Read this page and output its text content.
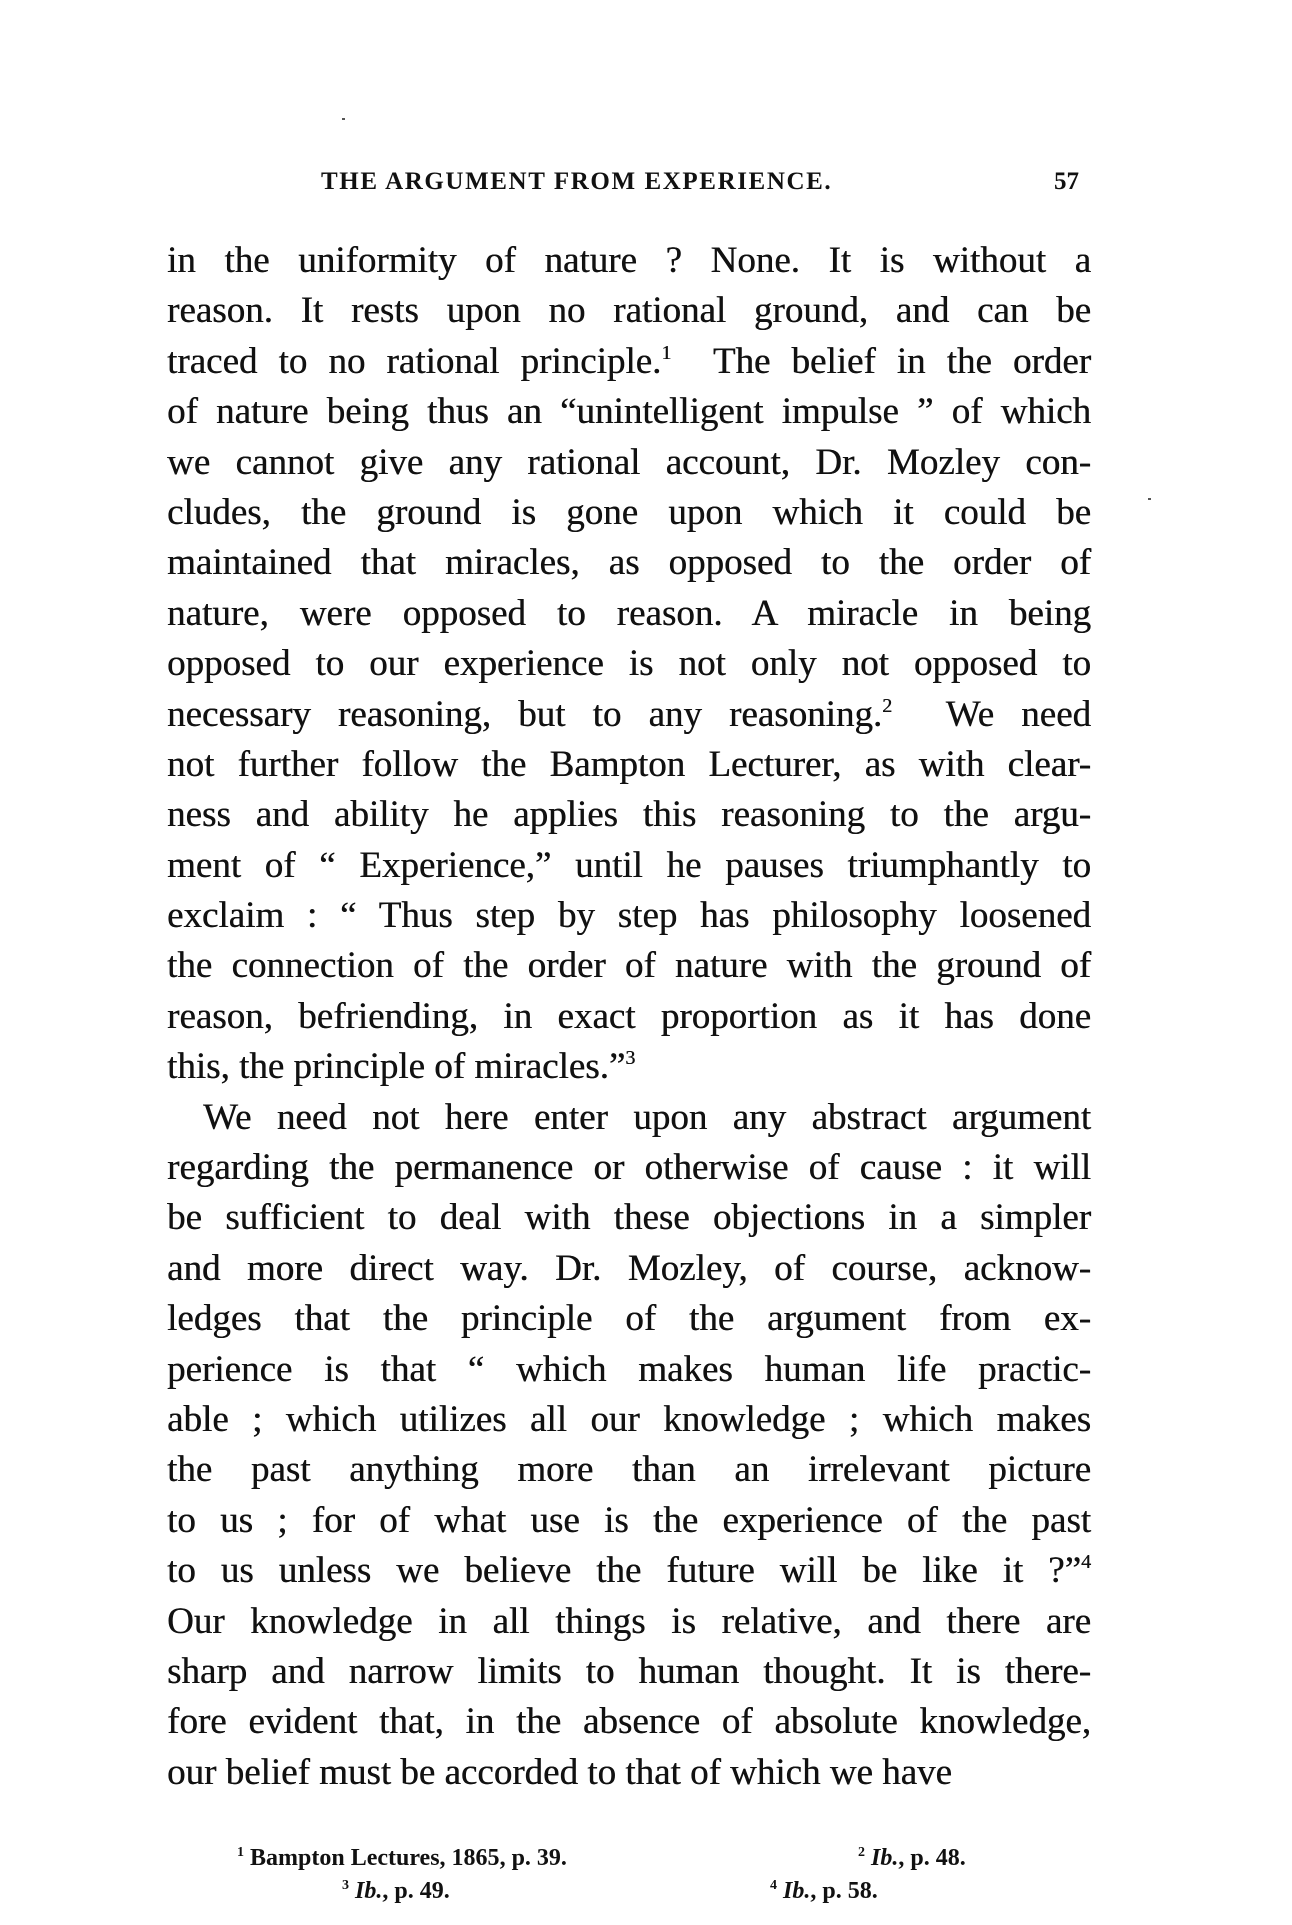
THE ARGUMENT FROM EXPERIENCE.	57
in the uniformity of nature ? None. It is without a
reason. It rests upon no rational ground, and can be
traced to no rational principle.$^1$  The belief in the order
of nature being thus an “unintelligent impulse ” of which
we cannot give any rational account, Dr. Mozley con-
cludes, the ground is gone upon which it could be
maintained that miracles, as opposed to the order of
nature, were opposed to reason. A miracle in being
opposed to our experience is not only not opposed to
necessary reasoning, but to any reasoning.$^2$  We need
not further follow the Bampton Lecturer, as with clear-
ness and ability he applies this reasoning to the argu-
ment of “ Experience,” until he pauses triumphantly to
exclaim : “ Thus step by step has philosophy loosened
the connection of the order of nature with the ground of
reason, befriending, in exact proportion as it has done
this, the principle of miracles.”$^3$
We need not here enter upon any abstract argument
regarding the permanence or otherwise of cause : it will
be sufficient to deal with these objections in a simpler
and more direct way. Dr. Mozley, of course, acknow-
ledges that the principle of the argument from ex-
perience is that “ which makes human life practic-
able ; which utilizes all our knowledge ; which makes
the past anything more than an irrelevant picture
to us ; for of what use is the experience of the past
to us unless we believe the future will be like it ?”$^4$
Our knowledge in all things is relative, and there are
sharp and narrow limits to human thought. It is there-
fore evident that, in the absence of absolute knowledge,
our belief must be accorded to that of which we have
$^1$ Bampton Lectures, 1865, p. 39.	$^2$ Ib., p. 48.
$^3$ Ib., p. 49.	$^4$ Ib., p. 58.
